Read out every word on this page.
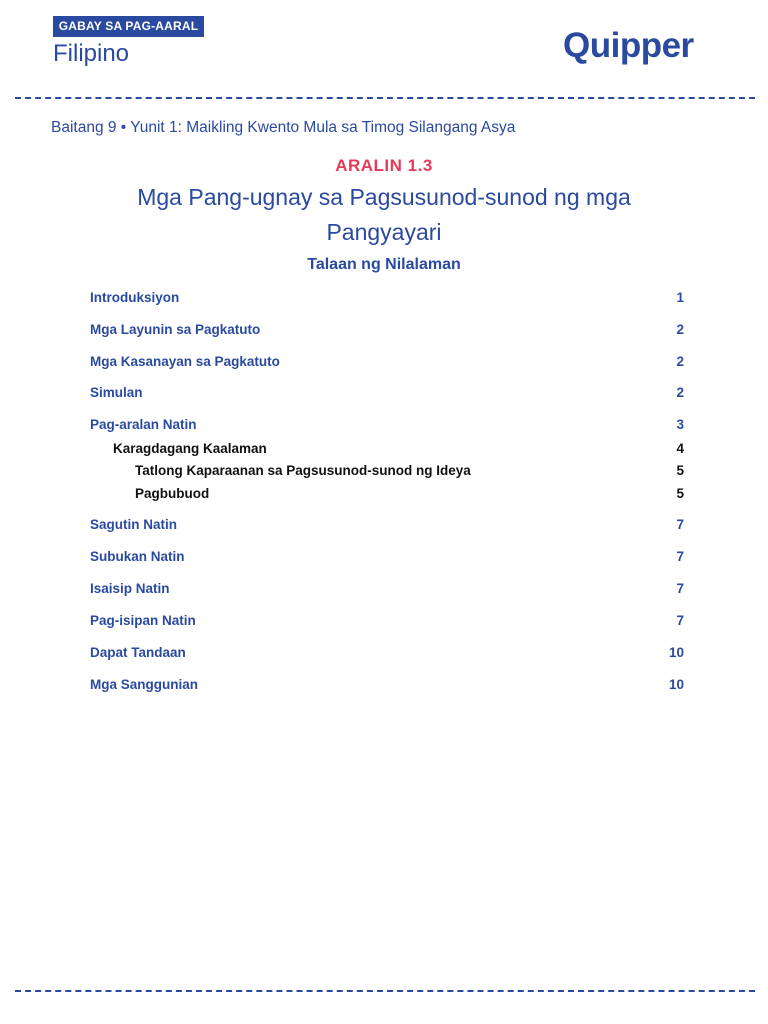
GABAY SA PAG-AARAL
Filipino	Quipper
Baitang 9 • Yunit 1: Maikling Kwento Mula sa Timog Silangang Asya
ARALIN 1.3
Mga Pang-ugnay sa Pagsusunod-sunod ng mga Pangyayari
Talaan ng Nilalaman
Introduksiyon	1
Mga Layunin sa Pagkatuto	2
Mga Kasanayan sa Pagkatuto	2
Simulan	2
Pag-aralan Natin	3
Karagdagang Kaalaman	4
Tatlong Kaparaanan sa Pagsusunod-sunod ng Ideya	5
Pagbubuod	5
Sagutin Natin	7
Subukan Natin	7
Isaisip Natin	7
Pag-isipan Natin	7
Dapat Tandaan	10
Mga Sanggunian	10
